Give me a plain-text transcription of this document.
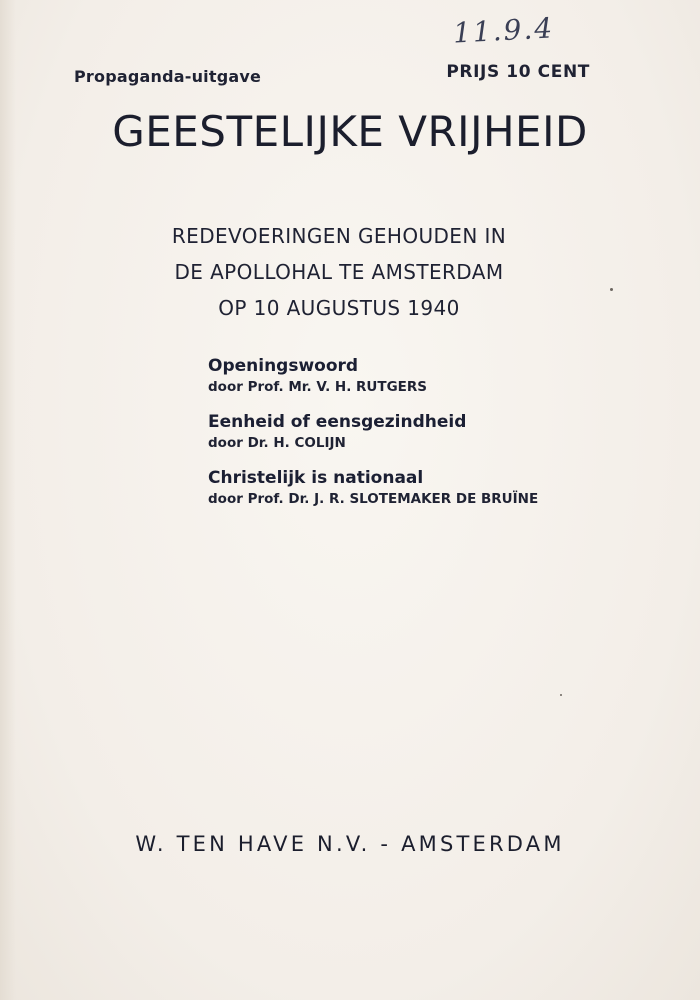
11.9.4
Propaganda-uitgave	PRIJS 10 CENT
GEESTELIJKE VRIJHEID
REDEVOERINGEN GEHOUDEN IN
DE APOLLOHAL TE AMSTERDAM
OP 10 AUGUSTUS 1940
Openingswoord
door Prof. Mr. V. H. RUTGERS
Eenheid of eensgezindheid
door Dr. H. COLIJN
Christelijk is nationaal
door Prof. Dr. J. R. SLOTEMAKER DE BRUÏNE
W. TEN HAVE N.V. - AMSTERDAM
